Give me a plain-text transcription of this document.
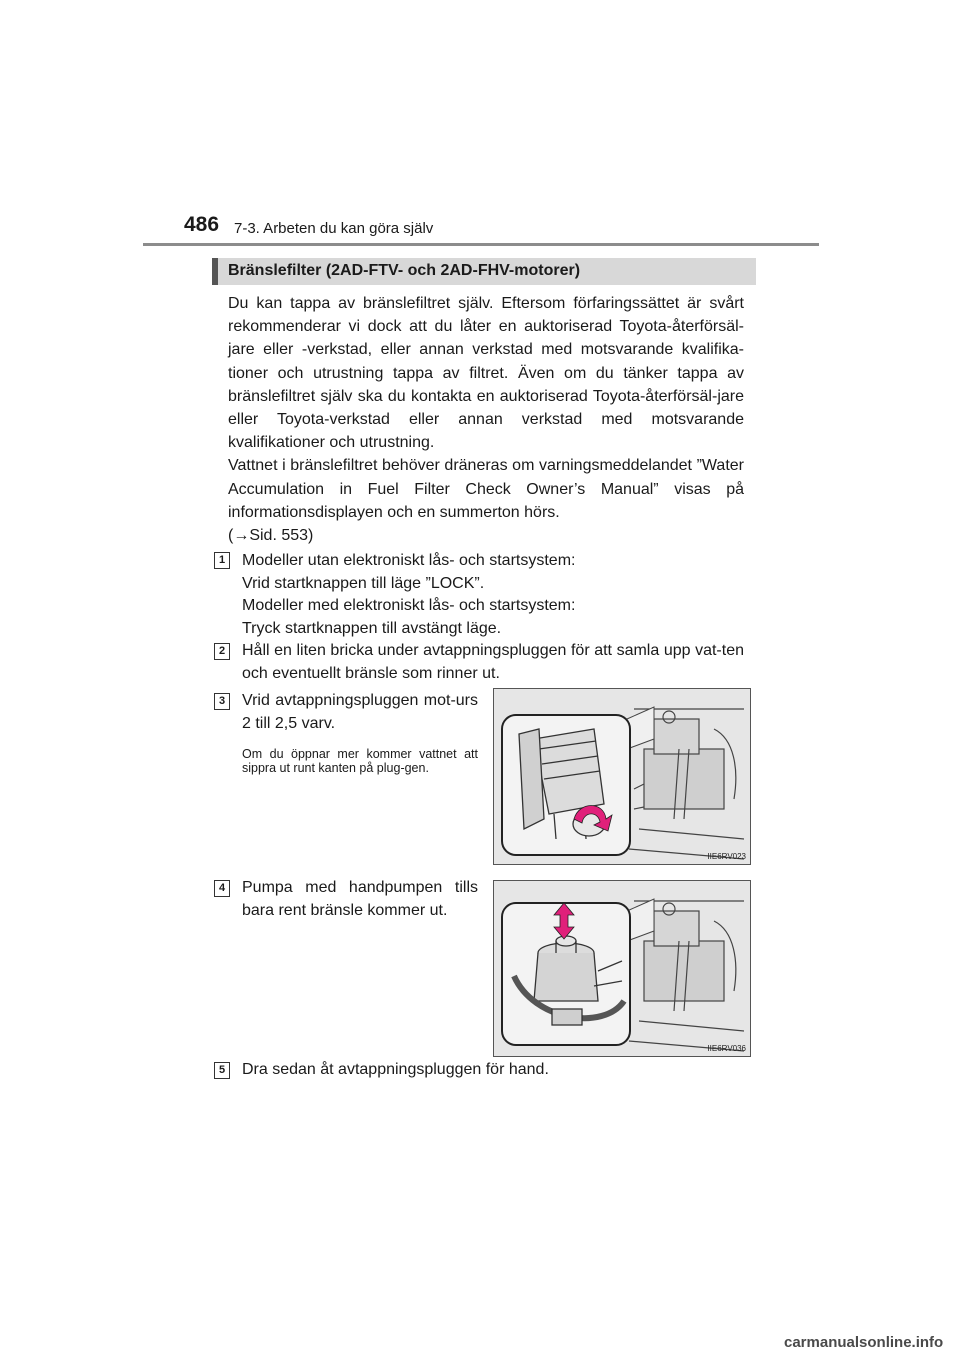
486 7-3. Arbeten du kan göra själv
Bränslefilter (2AD-FTV- och 2AD-FHV-motorer)

Du kan tappa av bränslefiltret själv. Eftersom förfaringssättet är svårt rekommenderar vi dock att du låter en auktoriserad Toyota-återförsäl-jare eller -verkstad, eller annan verkstad med motsvarande kvalifika-tioner och utrustning tappa av filtret. Även om du tänker tappa av bränslefiltret själv ska du kontakta en auktoriserad Toyota-återförsäl-jare eller Toyota-verkstad eller annan verkstad med motsvarande kvalifikationer och utrustning.

Vattnet i bränslefiltret behöver dräneras om varningsmeddelandet ”Water Accumulation in Fuel Filter Check Owner’s Manual” visas på informationsdisplayen och en summerton hörs.

(→Sid. 553)

1	Modeller utan elektroniskt lås- och startsystem:
Vrid startknappen till läge ”LOCK”.
Modeller med elektroniskt lås- och startsystem:
Tryck startknappen till avstängt läge.
2	Håll en liten bricka under avtappningspluggen för att samla upp vat-ten och eventuellt bränsle som rinner ut.

3	Vrid avtappningspluggen mot-urs 2 till 2,5 varv.

Om du öppnar mer kommer vattnet att sippra ut runt kanten på plug-gen.

IIE6RV023
4	Pumpa med handpumpen tills bara rent bränsle kommer ut.

IIE6RV036
5	Dra sedan åt avtappningspluggen för hand.

carmanualsonline.info
